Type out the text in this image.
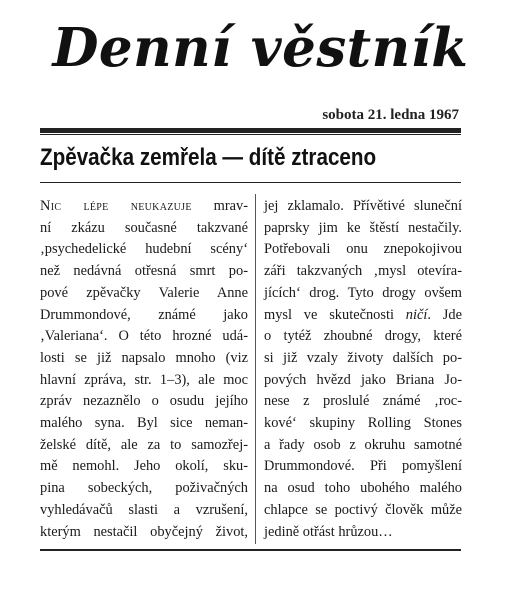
Denní věstník
sobota 21. ledna 1967
Zpěvačka zemřela — dítě ztraceno
Nic lépe neukazuje mrav-
ní zkázu současné takzvané
‚psychedelické hudební scény‘
než nedávná otřesná smrt po-
pové zpěvačky Valerie Anne
Drummondové, známé jako
‚Valeriana‘. O této hrozné udá-
losti se již napsalo mnoho (viz
hlavní zpráva, str. 1–3), ale moc
zpráv nezaznělo o osudu jejího
malého syna. Byl sice neman-
želské dítě, ale za to samozřej-
mě nemohl. Jeho okolí, sku-
pina sobeckých, poživačných
vyhledávačů slasti a vzrušení,
kterým nestačil obyčejný život,
jej zklamalo. Přívětivé sluneční
paprsky jim ke štěstí nestačily.
Potřebovali onu znepokojivou
záři takzvaných ‚mysl otevíra-
jících‘ drog. Tyto drogy ovšem
mysl ve skutečnosti ničí. Jde
o tytéž zhoubné drogy, které
si již vzaly životy dalších po-
pových hvězd jako Briana Jo-
nese z proslulé známé ‚roc-
kové‘ skupiny Rolling Stones
a řady osob z okruhu samotné
Drummondové. Při pomyšlení
na osud toho ubohého malého
chlapce se poctivý člověk může
jedině otřást hrůzou…
